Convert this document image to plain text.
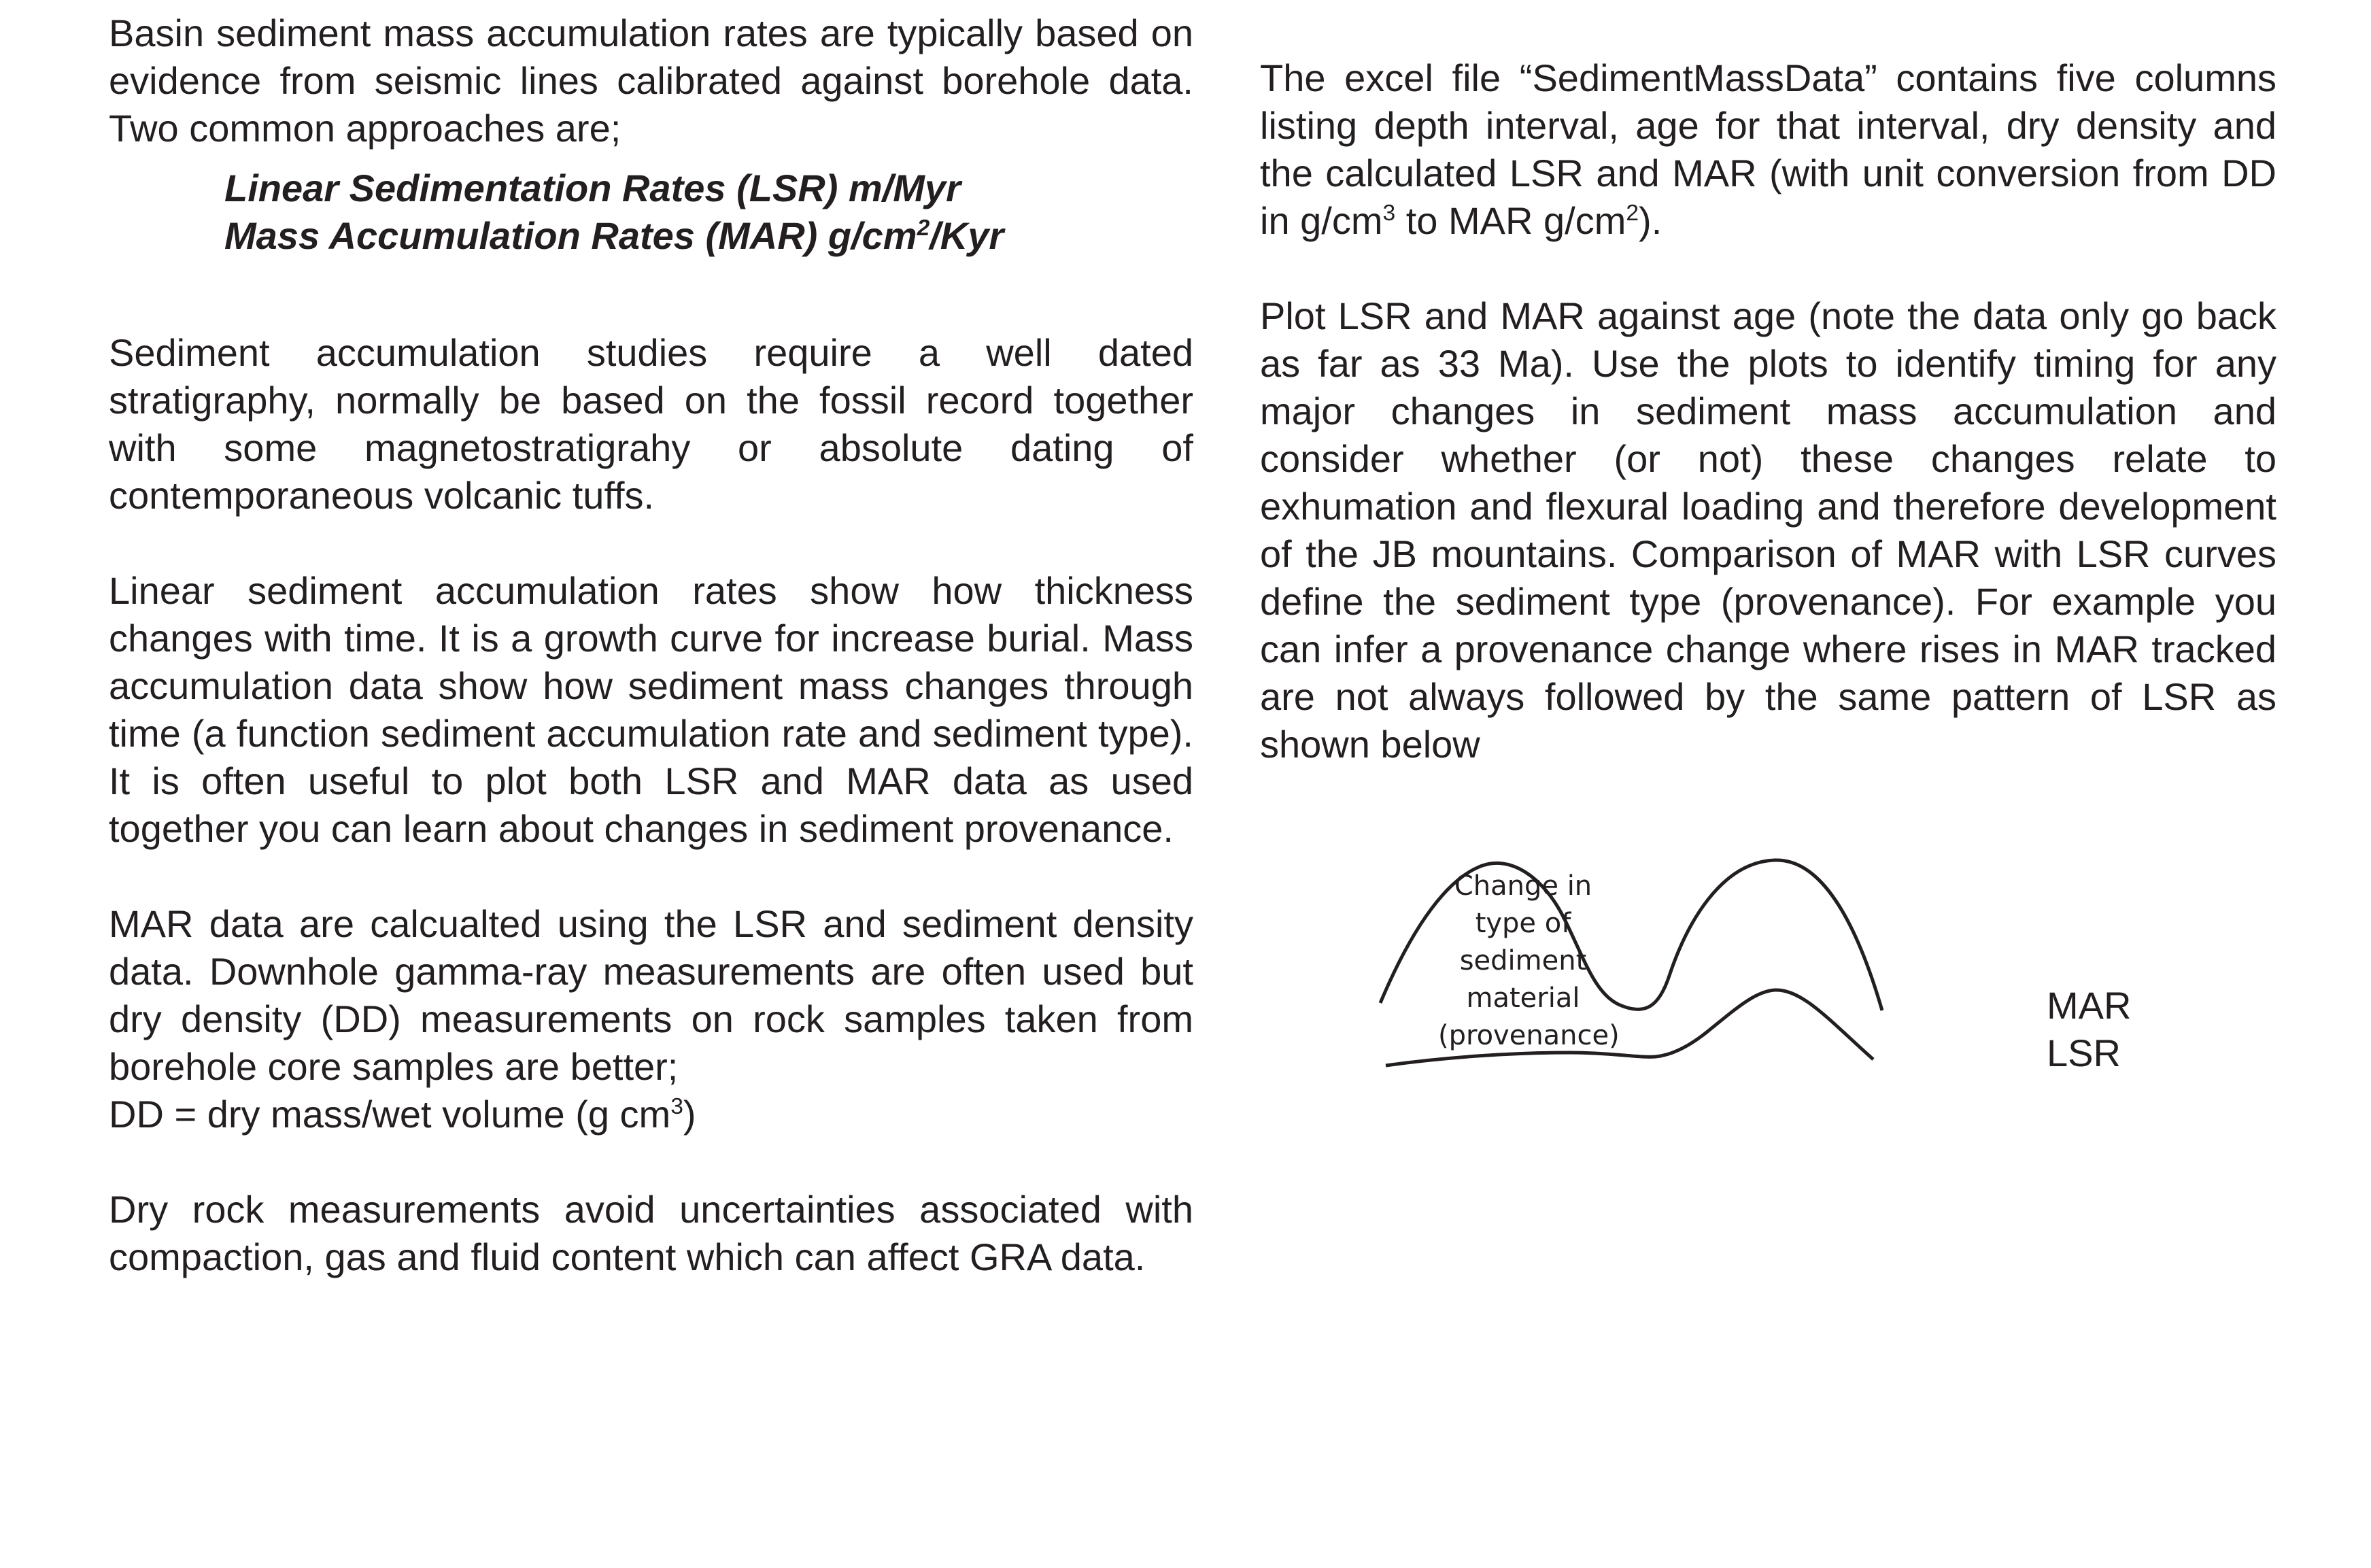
Basin sediment mass accumulation rates are typically based on evidence from seismic lines calibrated against borehole data. Two common approaches are;

Linear Sedimentation Rates (LSR) m/Myr
Mass Accumulation Rates (MAR) $g/cm^2$/Kyr

Sediment accumulation studies require a well dated stratigraphy, normally be based on the fossil record together with some magnetostratigrahy or absolute dating of contemporaneous volcanic tuffs.

Linear sediment accumulation rates show how thickness changes with time. It is a growth curve for increase burial. Mass accumulation data show how sediment mass changes through time (a function sediment accumulation rate and sediment type). It is often useful to plot both LSR and MAR data as used together you can learn about changes in sediment provenance.

MAR data are calcualted using the LSR and sediment density data. Downhole gamma-ray measurements are often used but dry density (DD) measurements on rock samples taken from borehole core samples are better;

DD = dry mass/wet volume (g $cm^3$)

Dry rock measurements avoid uncertainties associated with compaction, gas and fluid content which can affect GRA data.

The excel file “SedimentMassData” contains five columns listing depth interval, age for that interval, dry density and the calculated LSR and MAR (with unit conversion from DD in $g/cm^3$ to MAR $g/cm^2$).

Plot LSR and MAR against age (note the data only go back as far as 33 Ma). Use the plots to identify timing for any major changes in sediment mass accumulation and consider whether (or not) these changes relate to exhumation and flexural loading and therefore development of the JB mountains. Comparison of MAR with LSR curves define the sediment type (provenance). For example you can infer a provenance change where rises in MAR tracked are not always followed by the same pattern of LSR as shown below

Change in
type of
sediment
material
(provenance)
MAR
LSR
